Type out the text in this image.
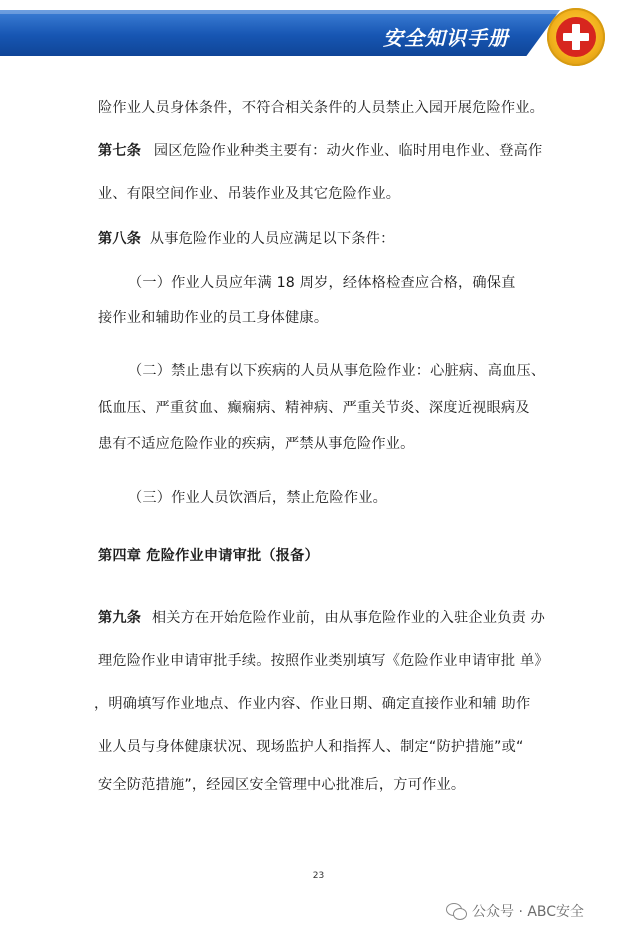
安全知识手册
险作业人员身体条件，不符合相关条件的人员禁止入园开展危险作业。
第七条 园区危险作业种类主要有：动火作业、临时用电作业、登高作
业、有限空间作业、吊装作业及其它危险作业。
第八条 从事危险作业的人员应满足以下条件：
（一）作业人员应年满 18 周岁，经体格检查应合格，确保直
接作业和辅助作业的员工身体健康。
（二）禁止患有以下疾病的人员从事危险作业：心脏病、高血压、
低血压、严重贫血、癫痫病、精神病、严重关节炎、深度近视眼病及
患有不适应危险作业的疾病，严禁从事危险作业。
（三）作业人员饮酒后，禁止危险作业。
第四章 危险作业申请审批（报备）
第九条 相关方在开始危险作业前，由从事危险作业的入驻企业负责 办
理危险作业申请审批手续。按照作业类别填写《危险作业申请审批 单》
，明确填写作业地点、作业内容、作业日期、确定直接作业和辅 助作
业人员与身体健康状况、现场监护人和指挥人、制定“防护措施”或“
安全防范措施”，经园区安全管理中心批准后，方可作业。
23
公众号 · ABC安全
